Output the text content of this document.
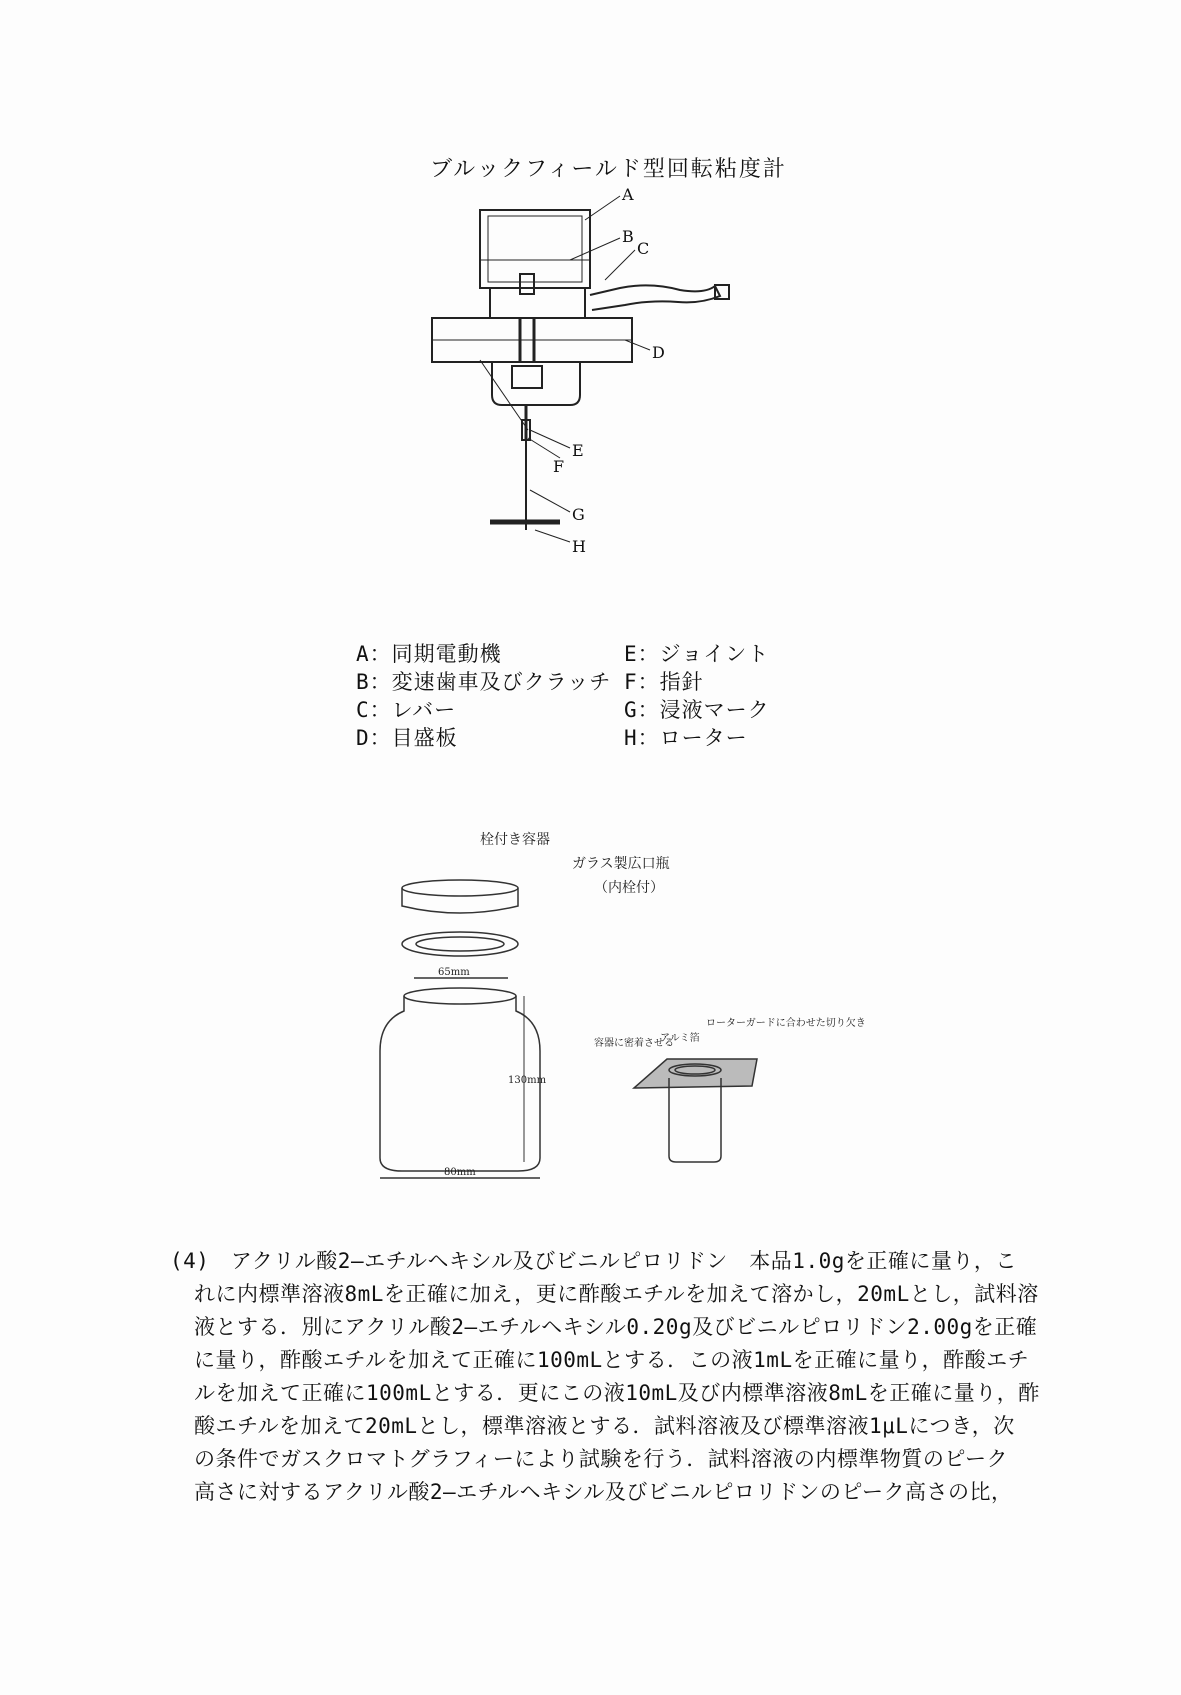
ブルックフィールド型回転粘度計
A
B
C
D
E
F
G
H
A：同期電動機
B：変速歯車及びクラッチ
C：レバー
D：目盛板
E：ジョイント
F：指針
G：浸液マーク
H：ローター
栓付き容器
ガラス製広口瓶
（内栓付）
65mm
130mm
80mm
容器に密着させる
アルミ箔
ローターガードに合わせた切り欠き
(4)　アクリル酸2―エチルヘキシル及びビニルピロリドン　本品1.0gを正確に量り，こ
れに内標準溶液8mLを正確に加え，更に酢酸エチルを加えて溶かし，20mLとし，試料溶
液とする．別にアクリル酸2―エチルヘキシル0.20g及びビニルピロリドン2.00gを正確
に量り，酢酸エチルを加えて正確に100mLとする．この液1mLを正確に量り，酢酸エチ
ルを加えて正確に100mLとする．更にこの液10mL及び内標準溶液8mLを正確に量り，酢
酸エチルを加えて20mLとし，標準溶液とする．試料溶液及び標準溶液1μLにつき，次
の条件でガスクロマトグラフィーにより試験を行う．試料溶液の内標準物質のピーク
高さに対するアクリル酸2―エチルヘキシル及びビニルピロリドンのピーク高さの比，
